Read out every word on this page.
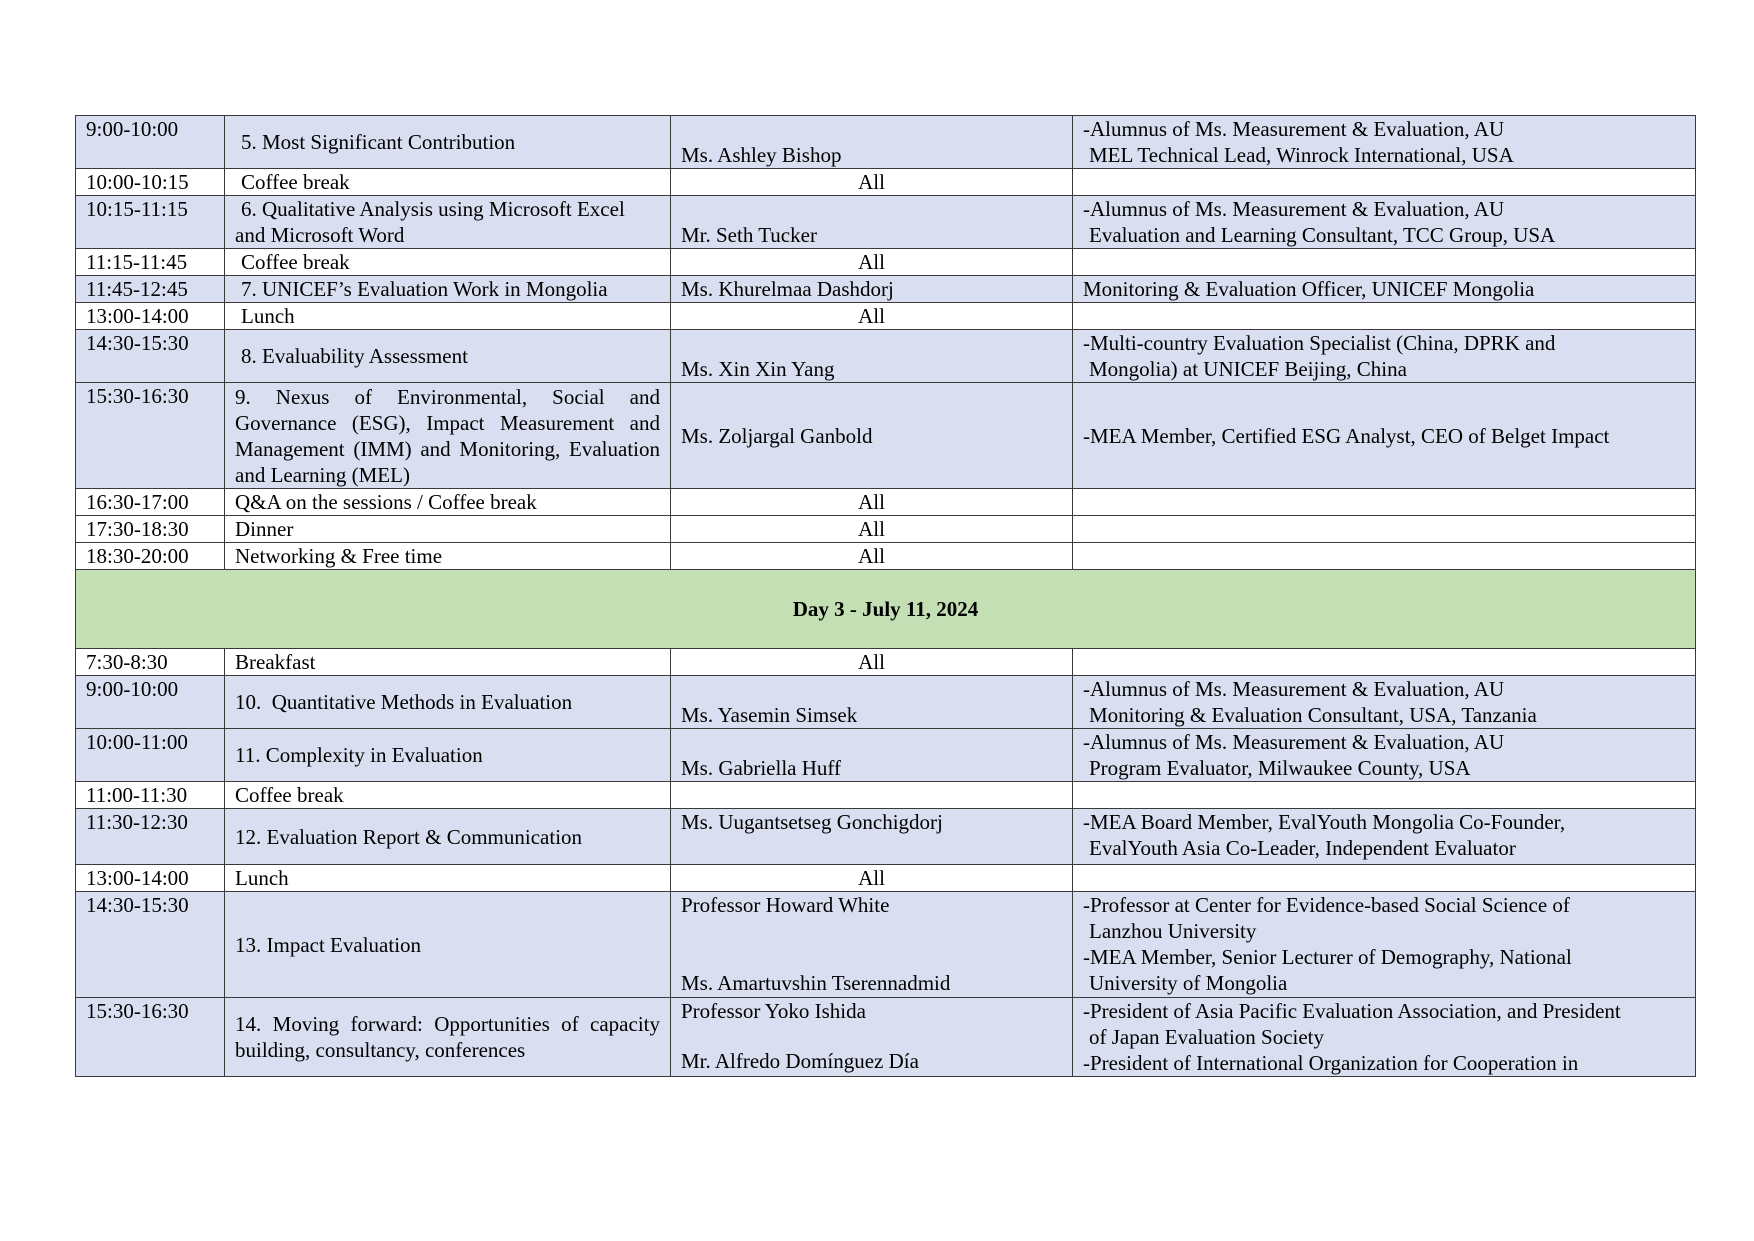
9:00-10:00	5. Most Significant Contribution	Ms. Ashley Bishop	-Alumnus of Ms. Measurement & Evaluation, AU
MEL Technical Lead, Winrock International, USA

10:00-10:15	Coffee break	All	
10:15-11:15	6. Qualitative Analysis using Microsoft Excel and Microsoft Word	Mr. Seth Tucker	-Alumnus of Ms. Measurement & Evaluation, AU
Evaluation and Learning Consultant, TCC Group, USA

11:15-11:45	Coffee break	All	
11:45-12:45	7. UNICEF’s Evaluation Work in Mongolia	Ms. Khurelmaa Dashdorj	Monitoring & Evaluation Officer, UNICEF Mongolia

13:00-14:00	Lunch	All	
14:30-15:30	8. Evaluability Assessment	Ms. Xin Xin Yang	-Multi-country Evaluation Specialist (China, DPRK and
Mongolia) at UNICEF Beijing, China

15:30-16:30	9. Nexus of Environmental, Social and Governance (ESG), Impact Measurement and Management (IMM) and Monitoring, Evaluation and Learning (MEL)	Ms. Zoljargal Ganbold	-MEA Member, Certified ESG Analyst, CEO of Belget Impact

16:30-17:00	Q&A on the sessions / Coffee break	All	
17:30-18:30	Dinner	All	
18:30-20:00	Networking & Free time	All	
Day 3 - July 11, 2024			
7:30-8:30	Breakfast	All	
9:00-10:00	10.  Quantitative Methods in Evaluation	Ms. Yasemin Simsek	-Alumnus of Ms. Measurement & Evaluation, AU
Monitoring & Evaluation Consultant, USA, Tanzania

10:00-11:00	11. Complexity in Evaluation	Ms. Gabriella Huff	-Alumnus of Ms. Measurement & Evaluation, AU
Program Evaluator, Milwaukee County, USA

11:00-11:30	Coffee break		
11:30-12:30	12. Evaluation Report & Communication	Ms. Uugantsetseg Gonchigdorj	-MEA Board Member, EvalYouth Mongolia Co-Founder,
EvalYouth Asia Co-Leader, Independent Evaluator

13:00-14:00	Lunch	All	
14:30-15:30	13. Impact Evaluation	Professor Howard White
Ms. Amartuvshin Tserennadmid	-Professor at Center for Evidence-based Social Science of
Lanzhou University
-MEA Member, Senior Lecturer of Demography, National
University of Mongolia

15:30-16:30	14. Moving forward: Opportunities of capacity building, consultancy, conferences	Professor Yoko Ishida
Mr. Alfredo Domínguez Día	-President of Asia Pacific Evaluation Association, and President
of Japan Evaluation Society
-President of International Organization for Cooperation in
